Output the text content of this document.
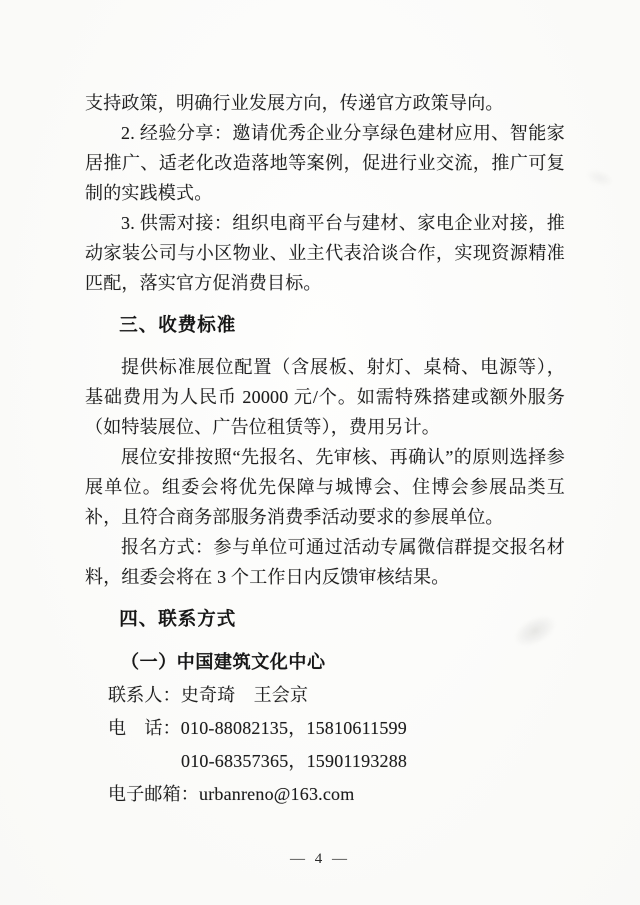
支持政策，明确行业发展方向，传递官方政策导向。

2. 经验分享：邀请优秀企业分享绿色建材应用、智能家居推广、适老化改造落地等案例，促进行业交流，推广可复制的实践模式。

3. 供需对接：组织电商平台与建材、家电企业对接，推动家装公司与小区物业、业主代表洽谈合作，实现资源精准匹配，落实官方促消费目标。

三、收费标准

提供标准展位配置（含展板、射灯、桌椅、电源等），基础费用为人民币 20000 元/个。如需特殊搭建或额外服务（如特装展位、广告位租赁等），费用另计。

展位安排按照“先报名、先审核、再确认”的原则选择参展单位。组委会将优先保障与城博会、住博会参展品类互补，且符合商务部服务消费季活动要求的参展单位。

报名方式：参与单位可通过活动专属微信群提交报名材料，组委会将在 3 个工作日内反馈审核结果。

四、联系方式

（一）中国建筑文化中心

联系人：史奇琦　王会京

电　话：010-88082135，15810611599

010-68357365，15901193288

电子邮箱：urbanreno@163.com

— 4 —
